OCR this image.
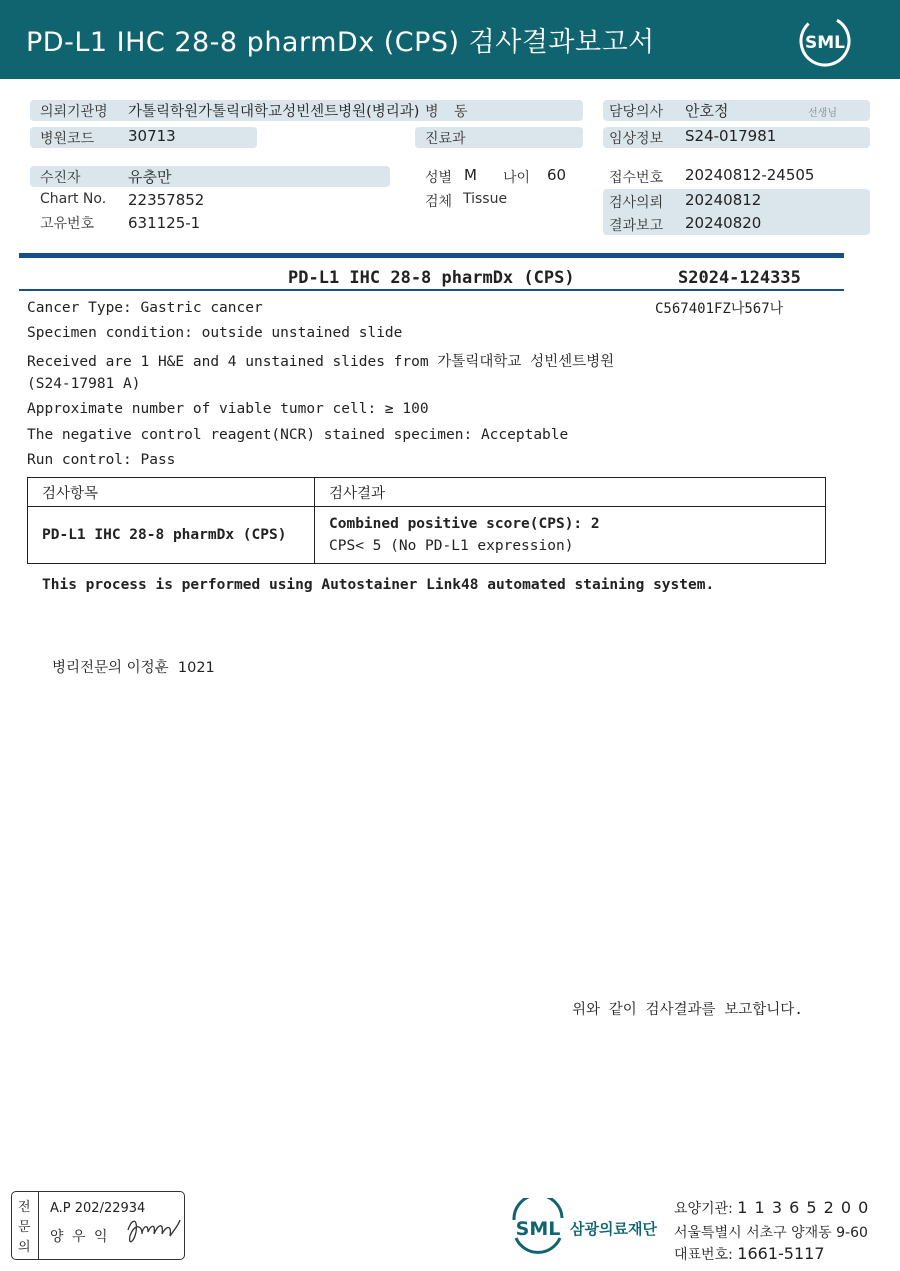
PD-L1 IHC 28-8 pharmDx (CPS) 검사결과보고서	SML
의뢰기관명 가톨릭학원가톨릭대학교성빈센트병원(병리과) 병 동	담당의사 안호정	선생님
병원코드 30713	진료과	임상정보 S24-017981
수진자	유충만	성별 M 나이 60	접수번호 20240812-24505
Chart No. 22357852	검체 Tissue	검사의뢰 20240812
고유번호 631125-1	결과보고 20240820
PD-L1 IHC 28-8 pharmDx (CPS)	S2024-124335
C567401FZ나567나
Cancer Type: Gastric cancer
Specimen condition: outside unstained slide
Received are 1 H&E and 4 unstained slides from 가톨릭대학교 성빈센트병원
(S24-17981 A)
Approximate number of viable tumor cell: ≥ 100
The negative control reagent(NCR) stained specimen: Acceptable
Run control: Pass
검사항목	검사결과
PD-L1 IHC 28-8 pharmDx (CPS)	Combined positive score(CPS): 2
CPS< 5 (No PD-L1 expression)
This process is performed using Autostainer Link48 automated staining system.
병리전문의 이정훈  1021
위와 같이 검사결과를 보고합니다.
전
문
의
A.P 202/22934
양 우 익	SML 삼광의료재단
요양기관: 1 1 3 6 5 2 0 0
서울특별시 서초구 양재동 9-60
대표번호: 1661-5117
